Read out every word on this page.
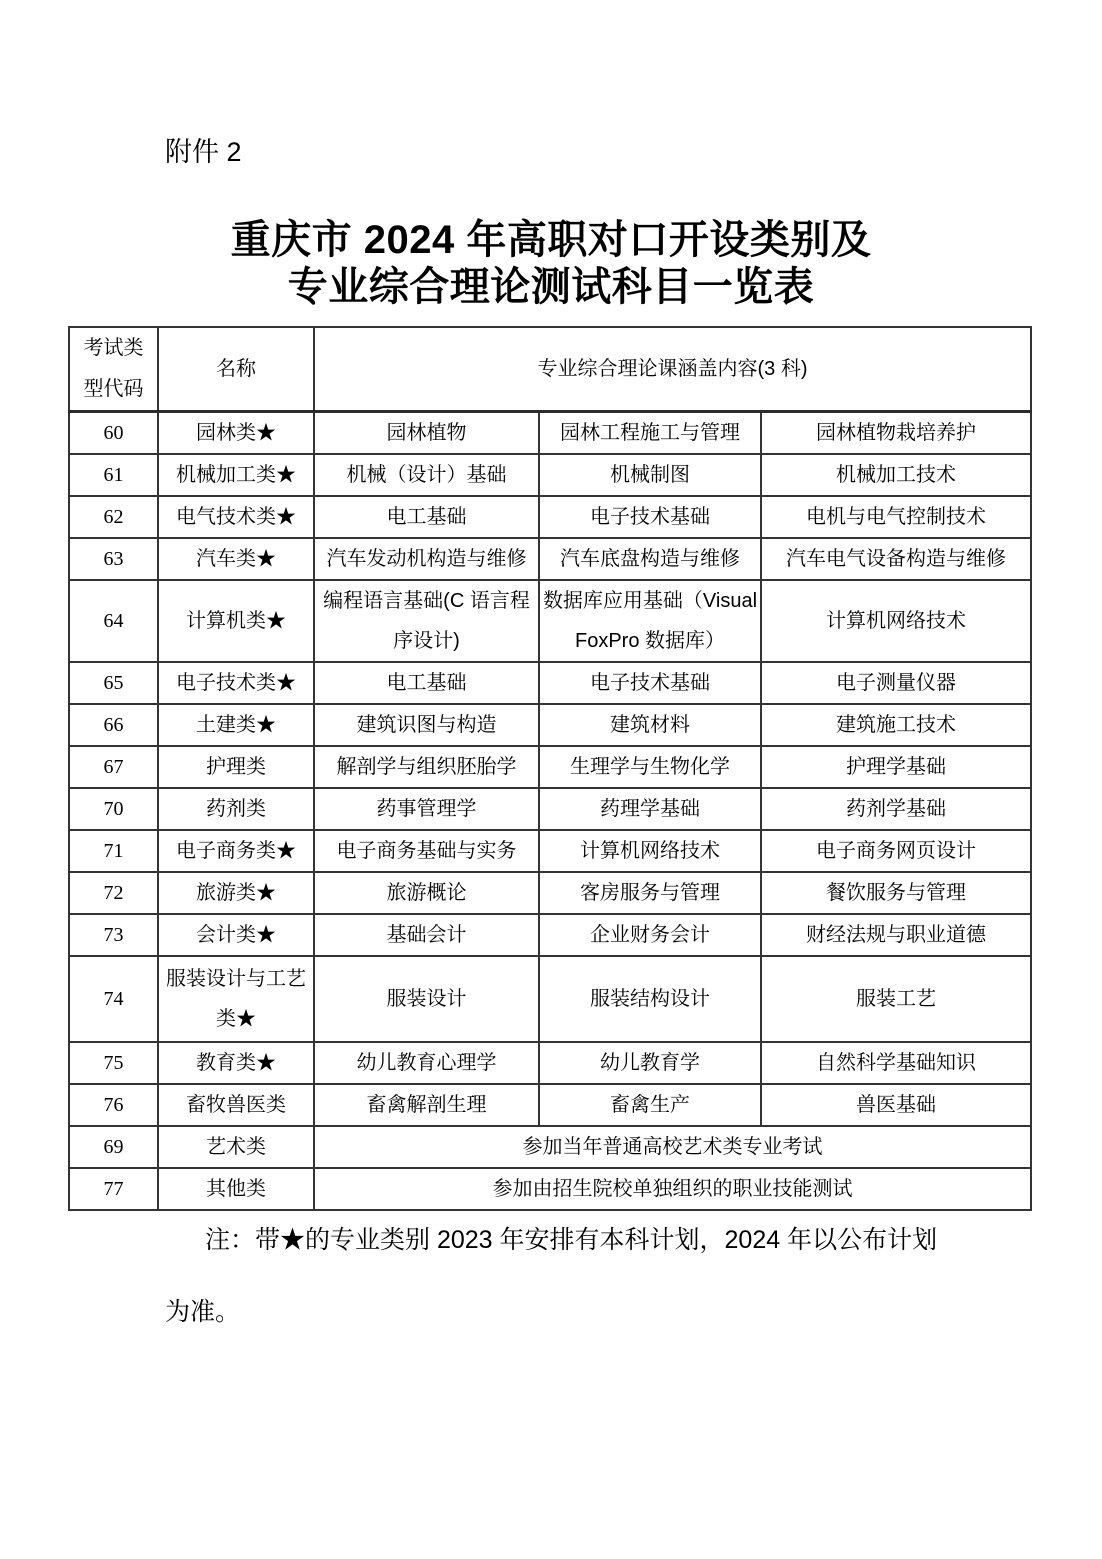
附件 2
重庆市 2024 年高职对口开设类别及
专业综合理论测试科目一览表
考试类
型代码	名称	专业综合理论课涵盖内容(3 科)		
60	园林类★	园林植物	园林工程施工与管理	园林植物栽培养护
61	机械加工类★	机械（设计）基础	机械制图	机械加工技术
62	电气技术类★	电工基础	电子技术基础	电机与电气控制技术
63	汽车类★	汽车发动机构造与维修	汽车底盘构造与维修	汽车电气设备构造与维修
64	计算机类★	编程语言基础(C 语言程序设计)	数据库应用基础（Visual FoxPro 数据库）	计算机网络技术
65	电子技术类★	电工基础	电子技术基础	电子测量仪器
66	土建类★	建筑识图与构造	建筑材料	建筑施工技术
67	护理类	解剖学与组织胚胎学	生理学与生物化学	护理学基础
70	药剂类	药事管理学	药理学基础	药剂学基础
71	电子商务类★	电子商务基础与实务	计算机网络技术	电子商务网页设计
72	旅游类★	旅游概论	客房服务与管理	餐饮服务与管理
73	会计类★	基础会计	企业财务会计	财经法规与职业道德
74	服装设计与工艺类★	服装设计	服装结构设计	服装工艺
75	教育类★	幼儿教育心理学	幼儿教育学	自然科学基础知识
76	畜牧兽医类	畜禽解剖生理	畜禽生产	兽医基础
69	艺术类	参加当年普通高校艺术类专业考试		
77	其他类	参加由招生院校单独组织的职业技能测试		
注：带★的专业类别 2023 年安排有本科计划，2024 年以公布计划
为准。
